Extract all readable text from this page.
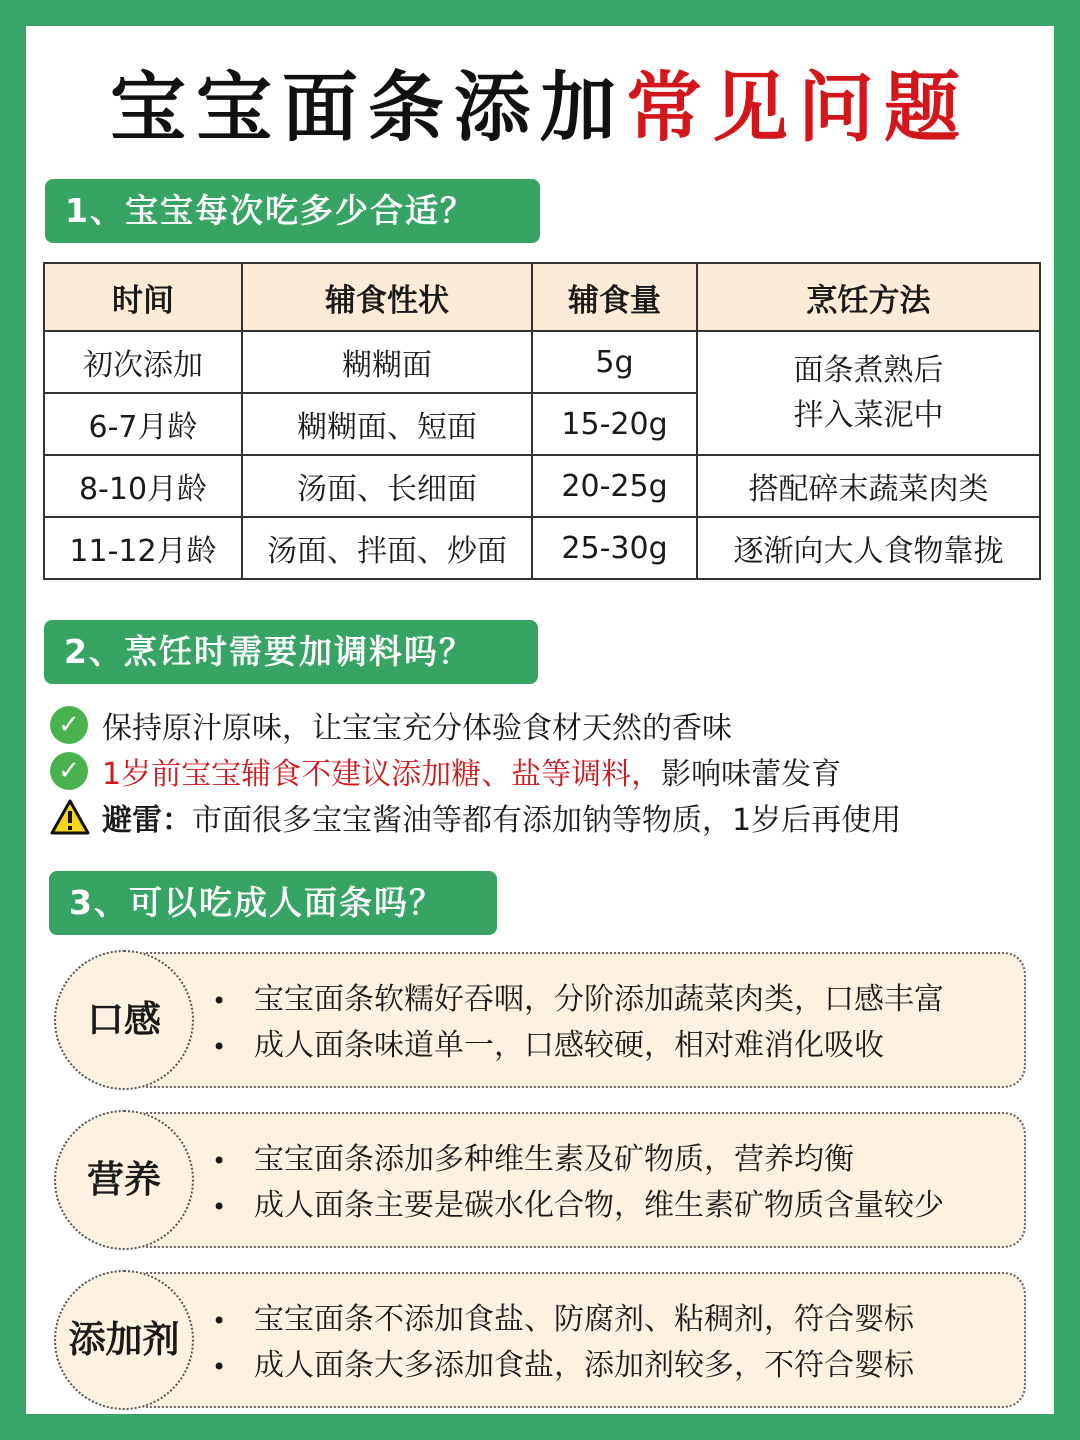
宝宝面条添加常见问题
1、宝宝每次吃多少合适？
时间	辅食性状	辅食量	烹饪方法
初次添加	糊糊面	5g	面条煮熟后
拌入菜泥中

6-7月龄	糊糊面、短面	15-20g	
8-10月龄	汤面、长细面	20-25g	搭配碎末蔬菜肉类
11-12月龄	汤面、拌面、炒面	25-30g	逐渐向大人食物靠拢
2、烹饪时需要加调料吗？
✓ 保持原汁原味，让宝宝充分体验食材天然的香味
✓ 1岁前宝宝辅食不建议添加糖、盐等调料， 影响味蕾发育
避雷： 市面很多宝宝酱油等都有添加钠等物质，1岁后再使用
3、可以吃成人面条吗？
口感	• 宝宝面条软糯好吞咽，分阶添加蔬菜肉类，口感丰富
• 成人面条味道单一，口感较硬，相对难消化吸收
营养	• 宝宝面条添加多种维生素及矿物质，营养均衡
• 成人面条主要是碳水化合物，维生素矿物质含量较少
添加剂	• 宝宝面条不添加食盐、防腐剂、粘稠剂，符合婴标
• 成人面条大多添加食盐，添加剂较多，不符合婴标
